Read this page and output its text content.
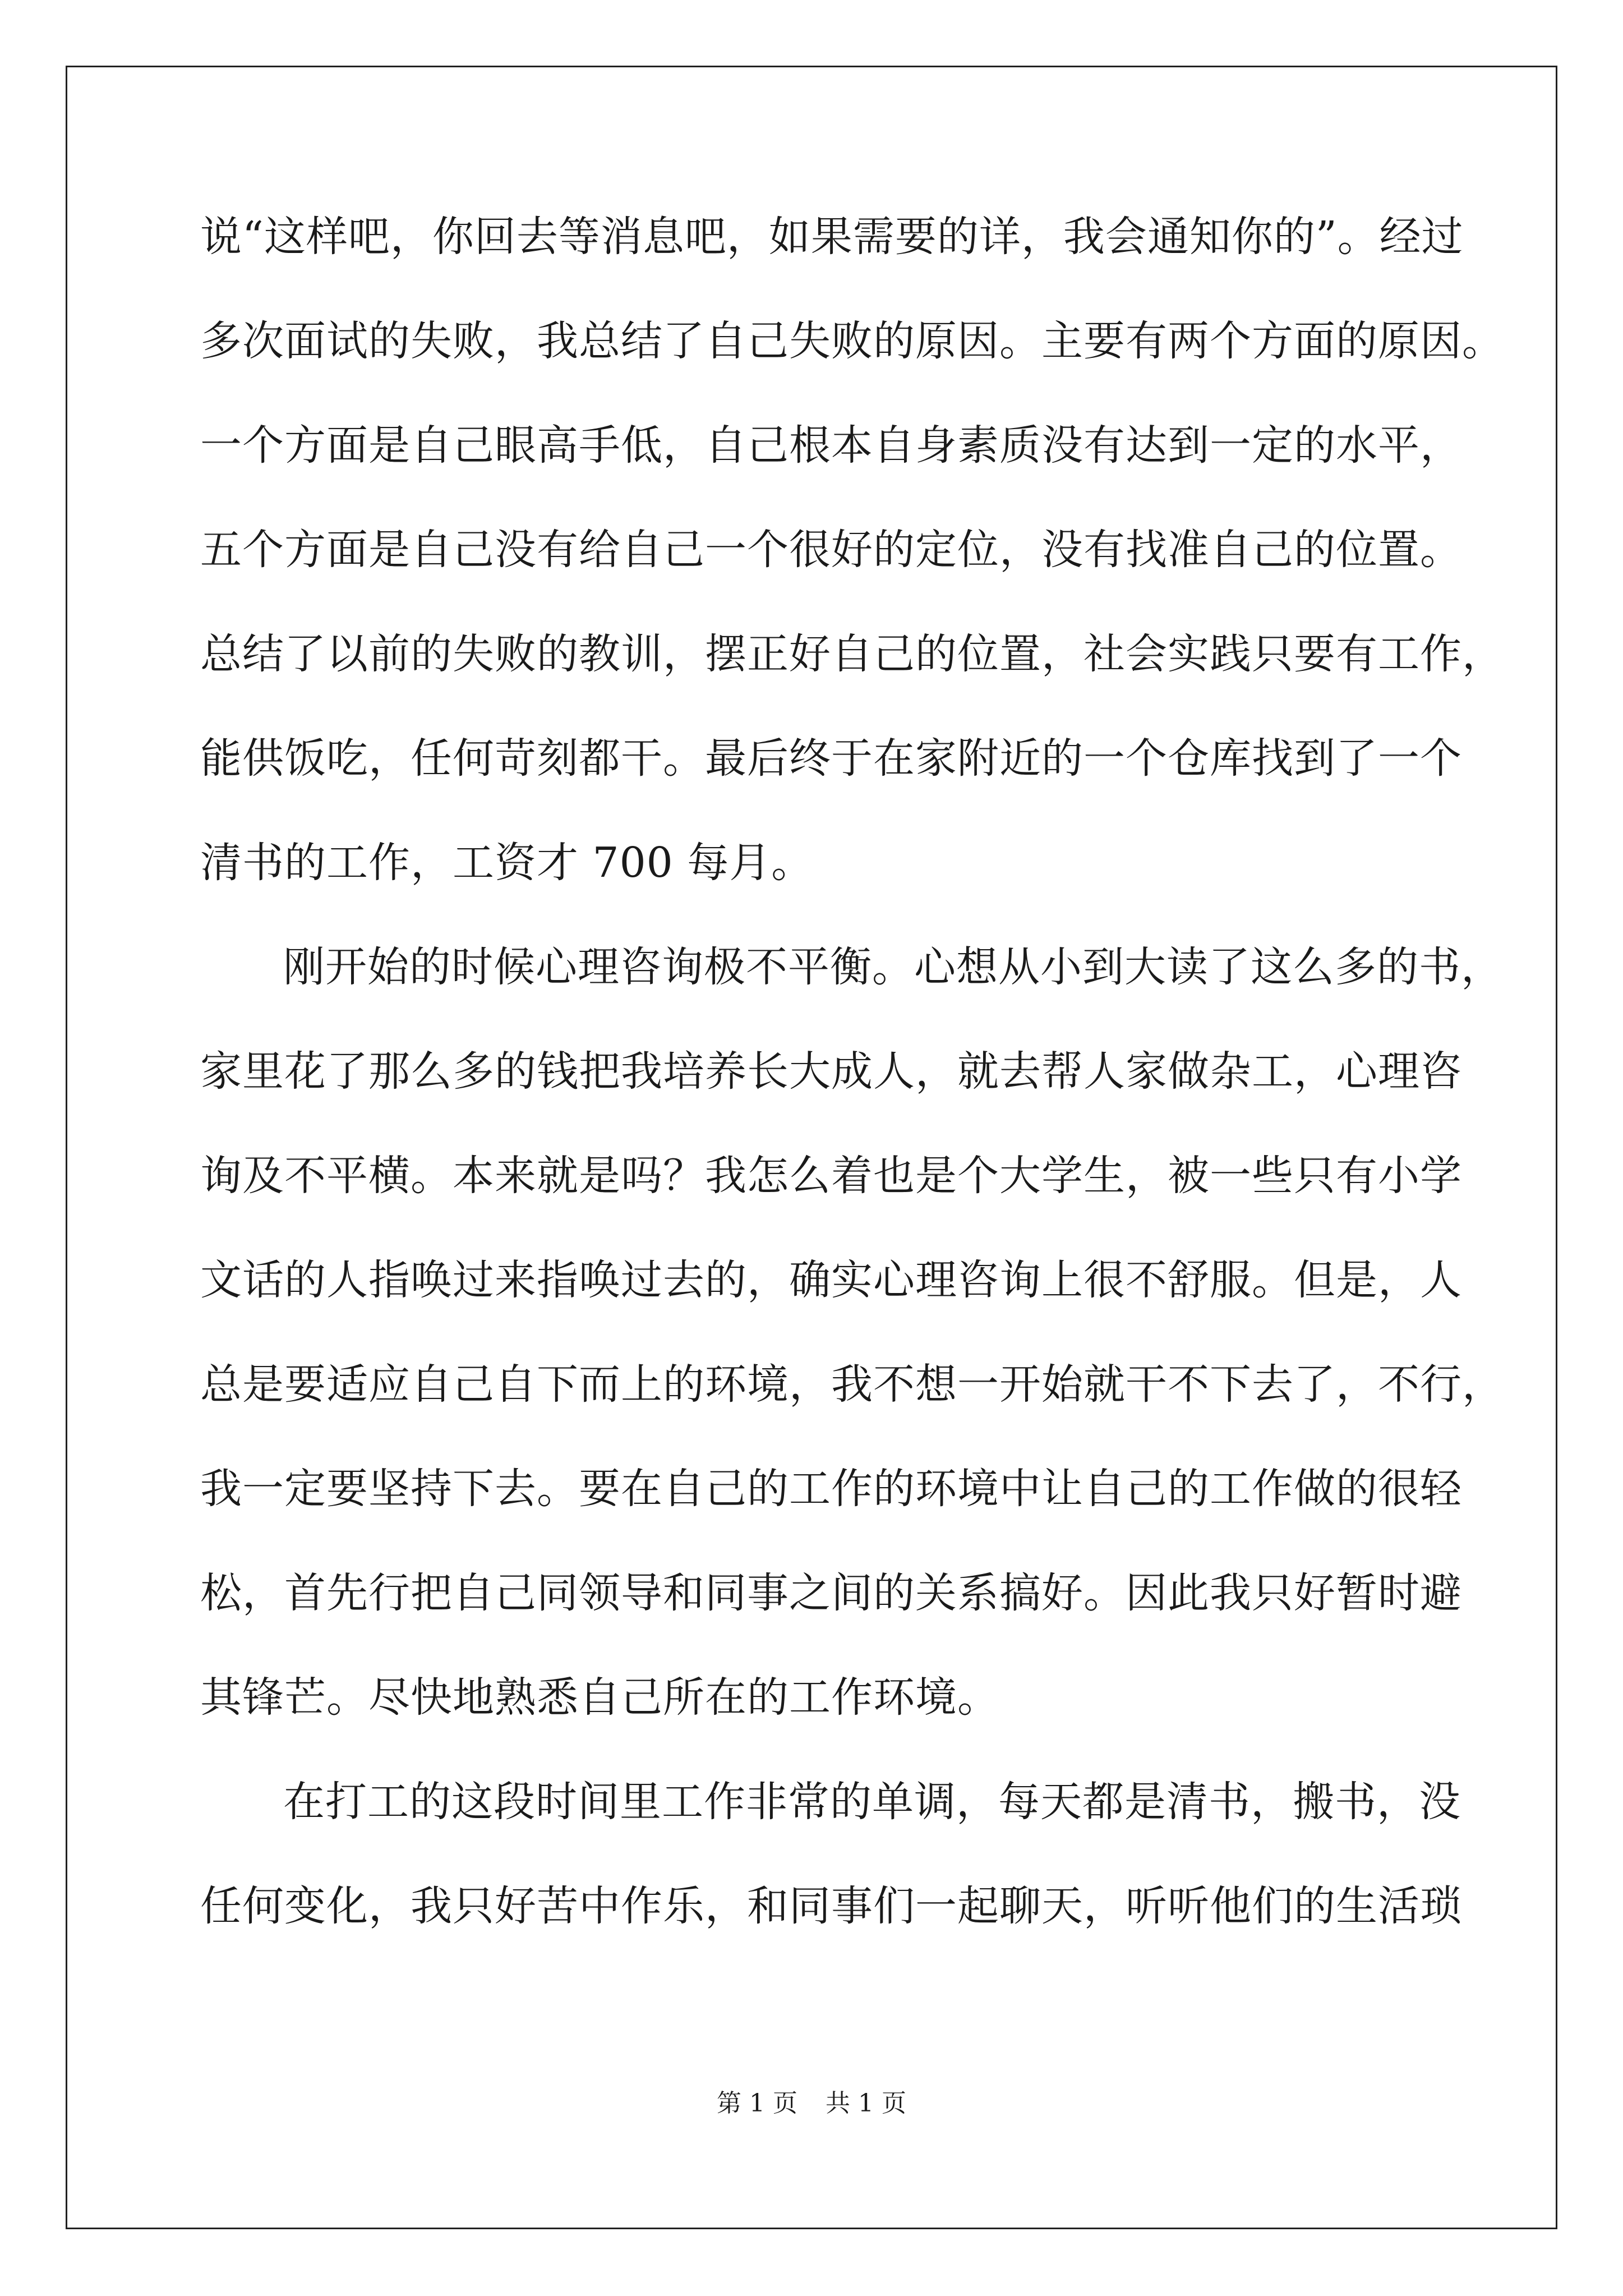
说“这样吧，你回去等消息吧，如果需要的详，我会通知你的”。经过
多次面试的失败，我总结了自己失败的原因。主要有两个方面的原因。
一个方面是自己眼高手低，自己根本自身素质没有达到一定的水平，
五个方面是自己没有给自己一个很好的定位，没有找准自己的位置。
总结了以前的失败的教训，摆正好自己的位置，社会实践只要有工作，
能供饭吃，任何苛刻都干。最后终于在家附近的一个仓库找到了一个
清书的工作，工资才 700 每月。
刚开始的时候心理咨询极不平衡。心想从小到大读了这么多的书，
家里花了那么多的钱把我培养长大成人，就去帮人家做杂工，心理咨
询及不平横。本来就是吗？我怎么着也是个大学生，被一些只有小学
文话的人指唤过来指唤过去的，确实心理咨询上很不舒服。但是，人
总是要适应自己自下而上的环境，我不想一开始就干不下去了，不行，
我一定要坚持下去。要在自己的工作的环境中让自己的工作做的很轻
松，首先行把自己同领导和同事之间的关系搞好。因此我只好暂时避
其锋芒。尽快地熟悉自己所在的工作环境。
在打工的这段时间里工作非常的单调，每天都是清书，搬书，没
任何变化，我只好苦中作乐，和同事们一起聊天，听听他们的生活琐
第 1 页 共 1 页
